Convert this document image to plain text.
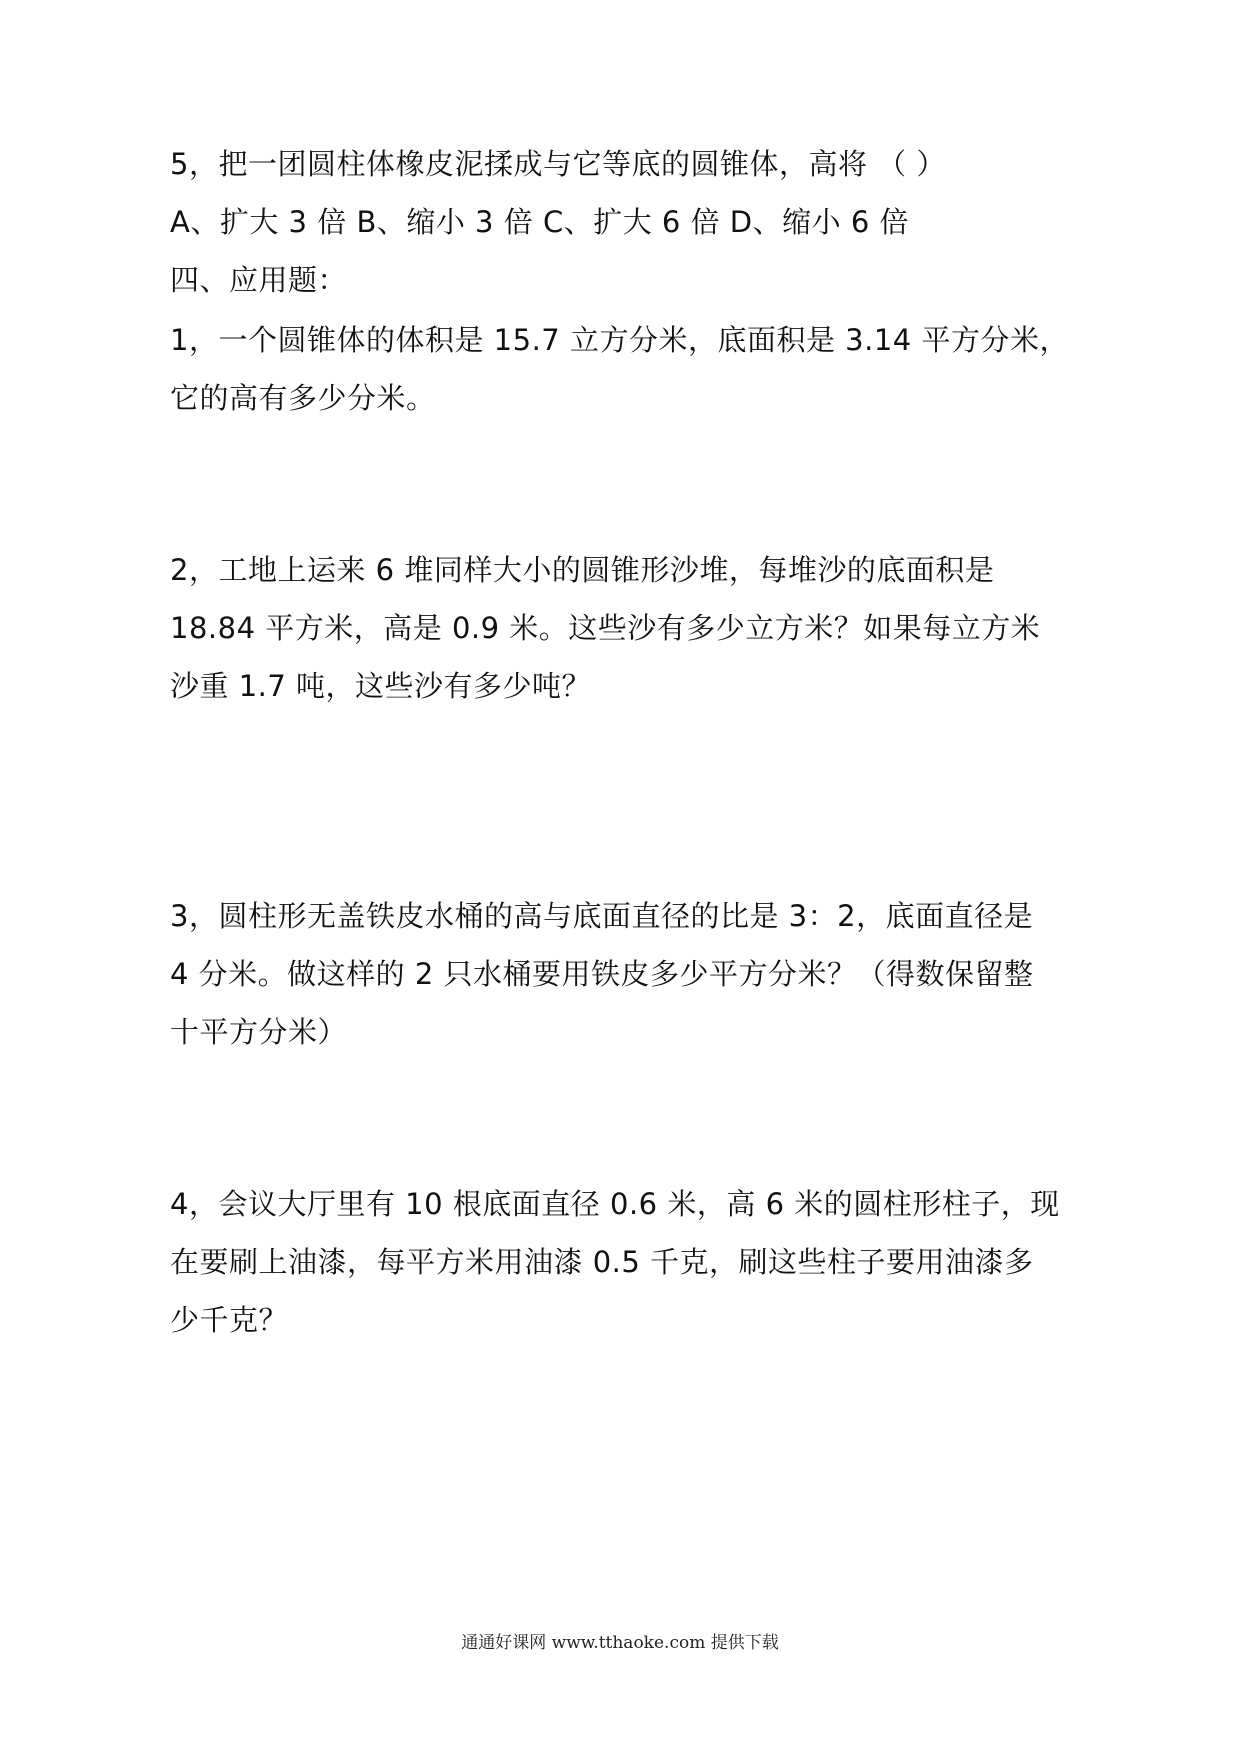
5，把一团圆柱体橡皮泥揉成与它等底的圆锥体，高将 （ ）
A、扩大 3 倍 B、缩小 3 倍 C、扩大 6 倍 D、缩小 6 倍
四、应用题：
1，一个圆锥体的体积是 15.7 立方分米，底面积是 3.14 平方分米，
它的高有多少分米。
2，工地上运来 6 堆同样大小的圆锥形沙堆，每堆沙的底面积是
18.84 平方米，高是 0.9 米。这些沙有多少立方米？如果每立方米
沙重 1.7 吨，这些沙有多少吨？
3，圆柱形无盖铁皮水桶的高与底面直径的比是 3：2，底面直径是
4 分米。做这样的 2 只水桶要用铁皮多少平方分米？（得数保留整
十平方分米）
4，会议大厅里有 10 根底面直径 0.6 米，高 6 米的圆柱形柱子，现
在要刷上油漆，每平方米用油漆 0.5 千克，刷这些柱子要用油漆多
少千克？
通通好课网 www.tthaoke.com 提供下载
